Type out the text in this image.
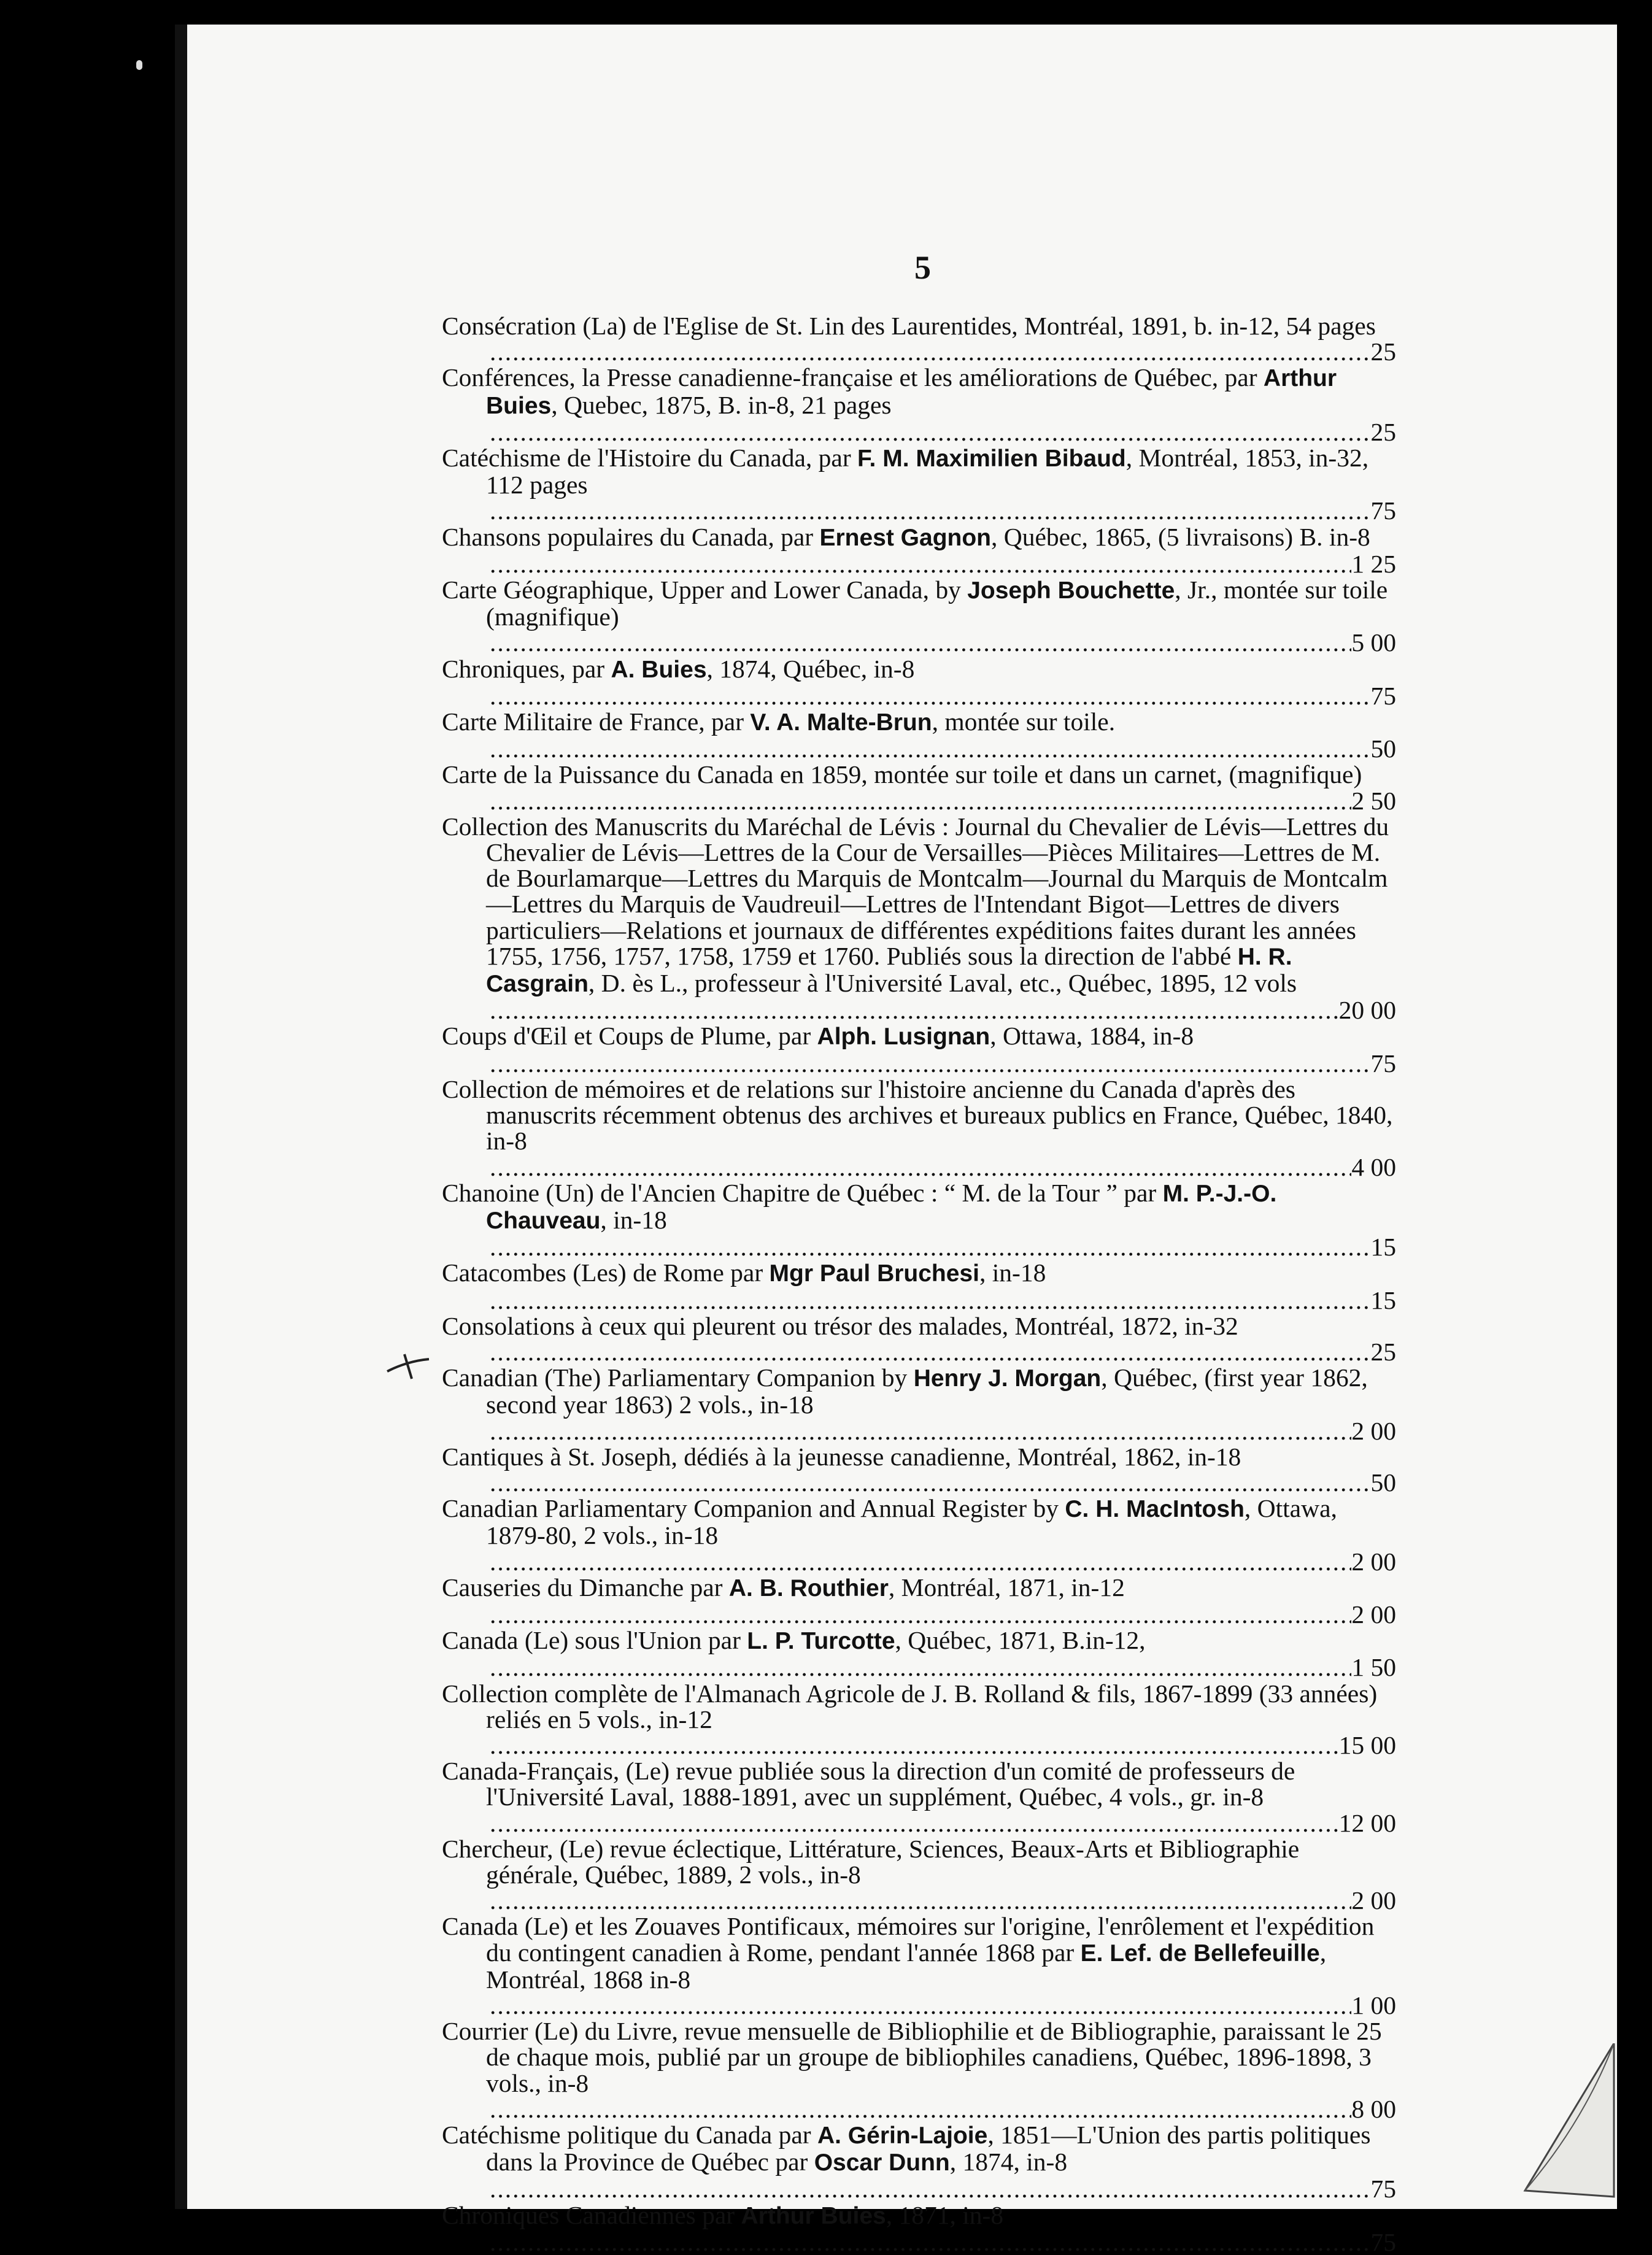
5
Consécration (La) de l'Eglise de St. Lin des Laurentides, Montréal, 1891, b. in-12, 54 pages
.....
25
Conférences, la Presse canadienne-française et les améliorations de Québec, par Arthur Buies, Quebec, 1875, B. in-8, 21 pages
.....
25
Catéchisme de l'Histoire du Canada, par F. M. Maximilien Bibaud, Montréal, 1853, in-32, 112 pages
.....
75
Chansons populaires du Canada, par Ernest Gagnon, Québec, 1865, (5 livraisons) B. in-8
.....
1 25
Carte Géographique, Upper and Lower Canada, by Joseph Bouchette, Jr., montée sur toile (magnifique)
.....
5 00
Chroniques, par A. Buies, 1874, Québec, in-8
.....
75
Carte Militaire de France, par V. A. Malte-Brun, montée sur toile.
.....
50
Carte de la Puissance du Canada en 1859, montée sur toile et dans un carnet, (magnifique)
.....
2 50
Collection des Manuscrits du Maréchal de Lévis : Journal du Chevalier de Lévis—Lettres du Chevalier de Lévis—Lettres de la Cour de Versailles—Pièces Militaires—Lettres de M. de Bourlamarque—Lettres du Marquis de Montcalm—Journal du Marquis de Montcalm—Lettres du Marquis de Vaudreuil—Lettres de l'Intendant Bigot—Lettres de divers particuliers—Relations et journaux de différentes expéditions faites durant les années 1755, 1756, 1757, 1758, 1759 et 1760. Publiés sous la direction de l'abbé H. R. Casgrain, D. ès L., professeur à l'Université Laval, etc., Québec, 1895, 12 vols
.....
20 00
Coups d'Œil et Coups de Plume, par Alph. Lusignan, Ottawa, 1884, in-8
.....
75
Collection de mémoires et de relations sur l'histoire ancienne du Canada d'après des manuscrits récemment obtenus des archives et bureaux publics en France, Québec, 1840, in-8
.....
4 00
Chanoine (Un) de l'Ancien Chapitre de Québec : “ M. de la Tour ” par M. P.-J.-O. Chauveau, in-18
.....
15
Catacombes (Les) de Rome par Mgr Paul Bruchesi, in-18
.....
15
Consolations à ceux qui pleurent ou trésor des malades, Montréal, 1872, in-32
.....
25
Canadian (The) Parliamentary Companion by Henry J. Morgan, Québec, (first year 1862, second year 1863) 2 vols., in-18
.....
2 00
Cantiques à St. Joseph, dédiés à la jeunesse canadienne, Montréal, 1862, in-18
.....
50
Canadian Parliamentary Companion and Annual Register by C. H. MacIntosh, Ottawa, 1879-80, 2 vols., in-18
.....
2 00
Causeries du Dimanche par A. B. Routhier, Montréal, 1871, in-12
.....
2 00
Canada (Le) sous l'Union par L. P. Turcotte, Québec, 1871, B.in-12,
.....
1 50
Collection complète de l'Almanach Agricole de J. B. Rolland & fils, 1867-1899 (33 années) reliés en 5 vols., in-12
.....
15 00
Canada-Français, (Le) revue publiée sous la direction d'un comité de professeurs de l'Université Laval, 1888-1891, avec un supplément, Québec, 4 vols., gr. in-8
.....
12 00
Chercheur, (Le) revue éclectique, Littérature, Sciences, Beaux-Arts et Bibliographie générale, Québec, 1889, 2 vols., in-8
.....
2 00
Canada (Le) et les Zouaves Pontificaux, mémoires sur l'origine, l'enrôlement et l'expédition du contingent canadien à Rome, pendant l'année 1868 par E. Lef. de Bellefeuille, Montréal, 1868 in-8
.....
1 00
Courrier (Le) du Livre, revue mensuelle de Bibliophilie et de Bibliographie, paraissant le 25 de chaque mois, publié par un groupe de bibliophiles canadiens, Québec, 1896-1898, 3 vols., in-8
.....
8 00
Catéchisme politique du Canada par A. Gérin-Lajoie, 1851—L'Union des partis politiques dans la Province de Québec par Oscar Dunn, 1874, in-8
.....
75
Chroniques Canadiennes par Arthur Buies, 1871, in-8
.....
75
